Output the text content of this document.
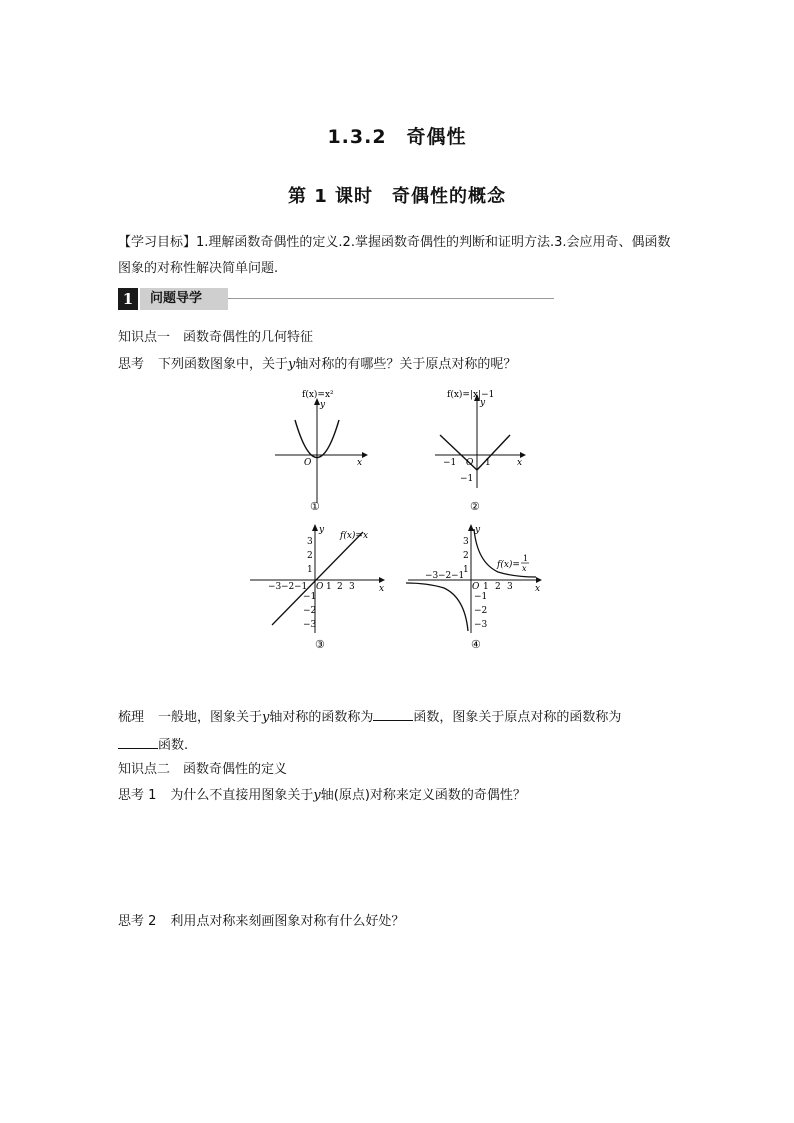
1.3.2　奇偶性
第 1 课时　奇偶性的概念
【学习目标】1.理解函数奇偶性的定义.2.掌握函数奇偶性的判断和证明方法.3.会应用奇、偶函数图象的对称性解决简单问题.
1	问题导学
知识点一　函数奇偶性的几何特征
思考 下列函数图象中，关于y轴对称的有哪些？关于原点对称的呢？
O	x
y
f(x)=x²
①
−1 O 1
−1
x
y
f(x)=|x|−1
②
−3 −2 −1 O 1 2 3
3
2
1
−1
−2
−3
x
y
f(x)=x
③
−3 −2 −1
O 1 2 3
3
2
1
−1
−2
−3
x
y
f(x)=
1
x
④
梳理 一般地，图象关于y轴对称的函数称为	函数，图象关于原点对称的函数称为
函数.
知识点二　函数奇偶性的定义
思考 1 为什么不直接用图象关于y轴(原点)对称来定义函数的奇偶性？
思考 2 利用点对称来刻画图象对称有什么好处？
